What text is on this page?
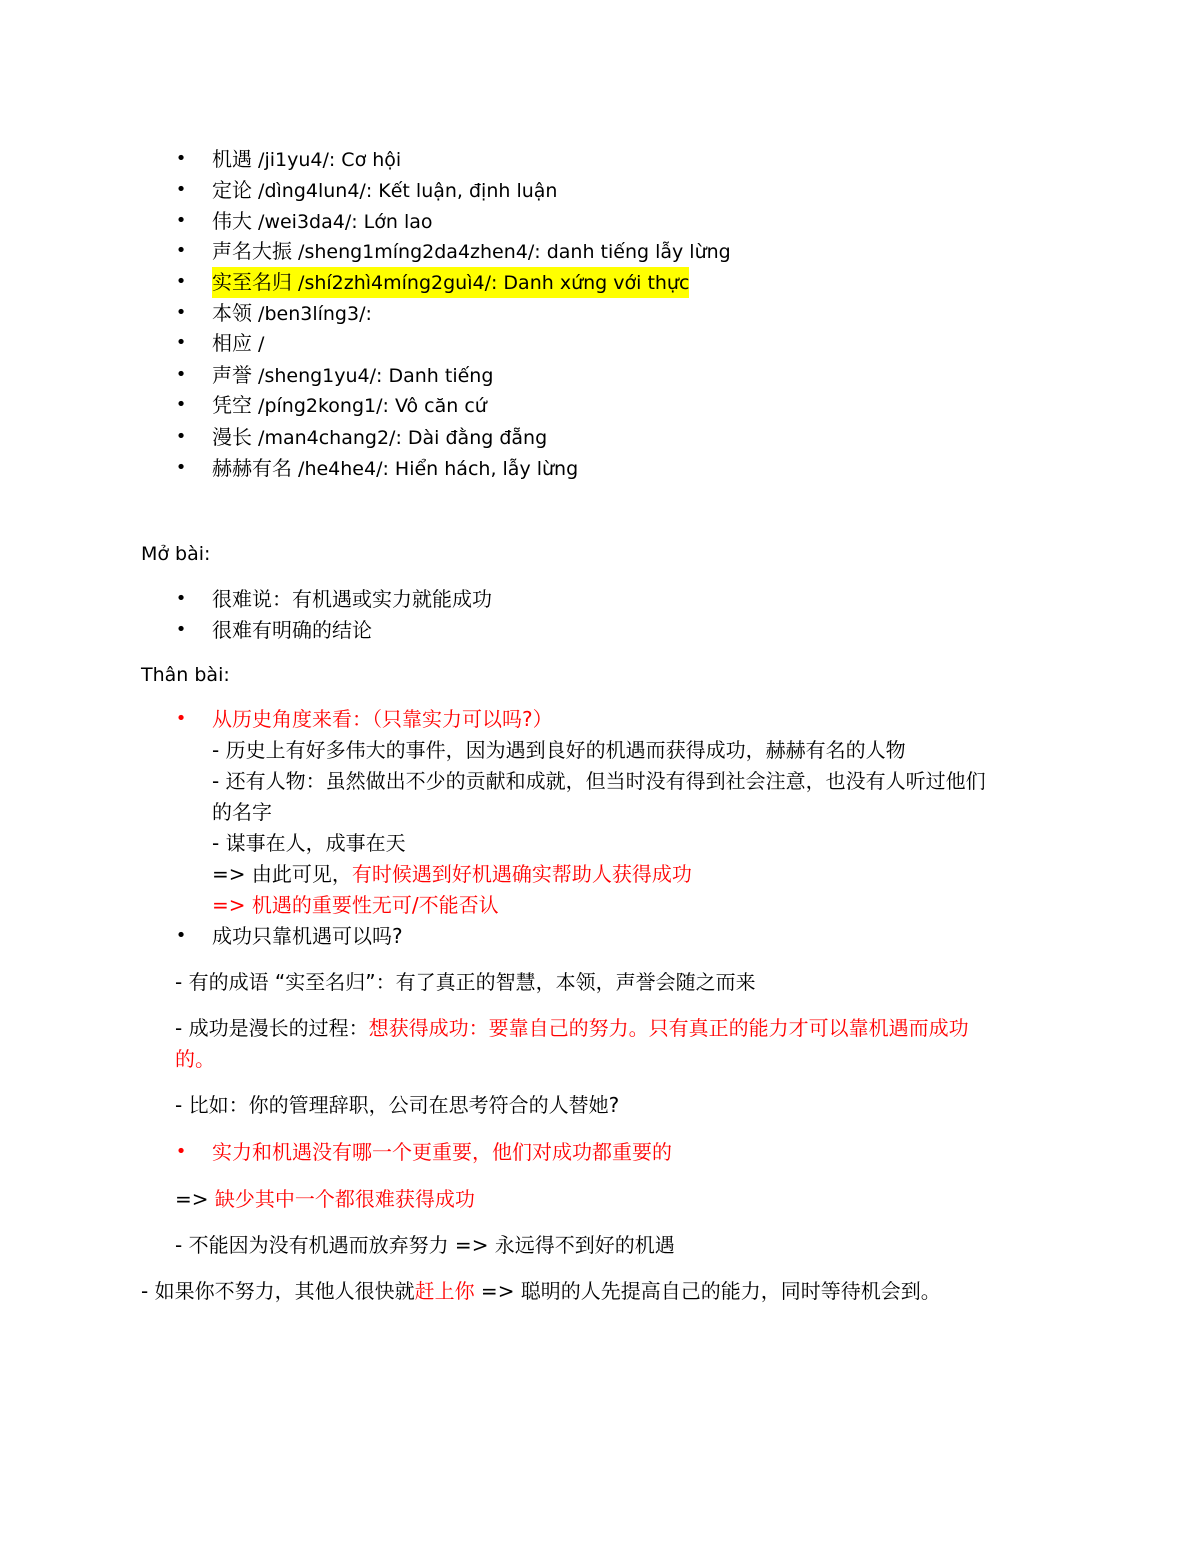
• 机遇 /ji1yu4/: Cơ hội
• 定论 /dìng4lun4/: Kết luận, định luận
• 伟大 /wei3da4/: Lớn lao
• 声名大振 /sheng1míng2da4zhen4/: danh tiếng lẫy lừng
• 实至名归 /shí2zhì4míng2guì4/: Danh xứng với thực
• 本领 /ben3líng3/:
• 相应 /
• 声誉 /sheng1yu4/: Danh tiếng
• 凭空 /píng2kong1/: Vô căn cứ
• 漫长 /man4chang2/: Dài đằng đẵng
• 赫赫有名 /he4he4/: Hiển hách, lẫy lừng
Mở bài:
• 很难说：有机遇或实力就能成功
• 很难有明确的结论
Thân bài:
• 从历史角度来看：（只靠实力可以吗?）
- 历史上有好多伟大的事件，因为遇到良好的机遇而获得成功，赫赫有名的人物
- 还有人物：虽然做出不少的贡献和成就，但当时没有得到社会注意，也没有人听过他们
的名字
- 谋事在人，成事在天
=> 由此可见，有时候遇到好机遇确实帮助人获得成功
=> 机遇的重要性无可/不能否认
• 成功只靠机遇可以吗?
- 有的成语 “实至名归”：有了真正的智慧，本领，声誉会随之而来
- 成功是漫长的过程：想获得成功：要靠自己的努力。只有真正的能力才可以靠机遇而成功
的。
- 比如：你的管理辞职，公司在思考符合的人替她?
• 实力和机遇没有哪一个更重要，他们对成功都重要的
=> 缺少其中一个都很难获得成功
- 不能因为没有机遇而放弃努力 => 永远得不到好的机遇
- 如果你不努力，其他人很快就赶上你 => 聪明的人先提高自己的能力，同时等待机会到。
